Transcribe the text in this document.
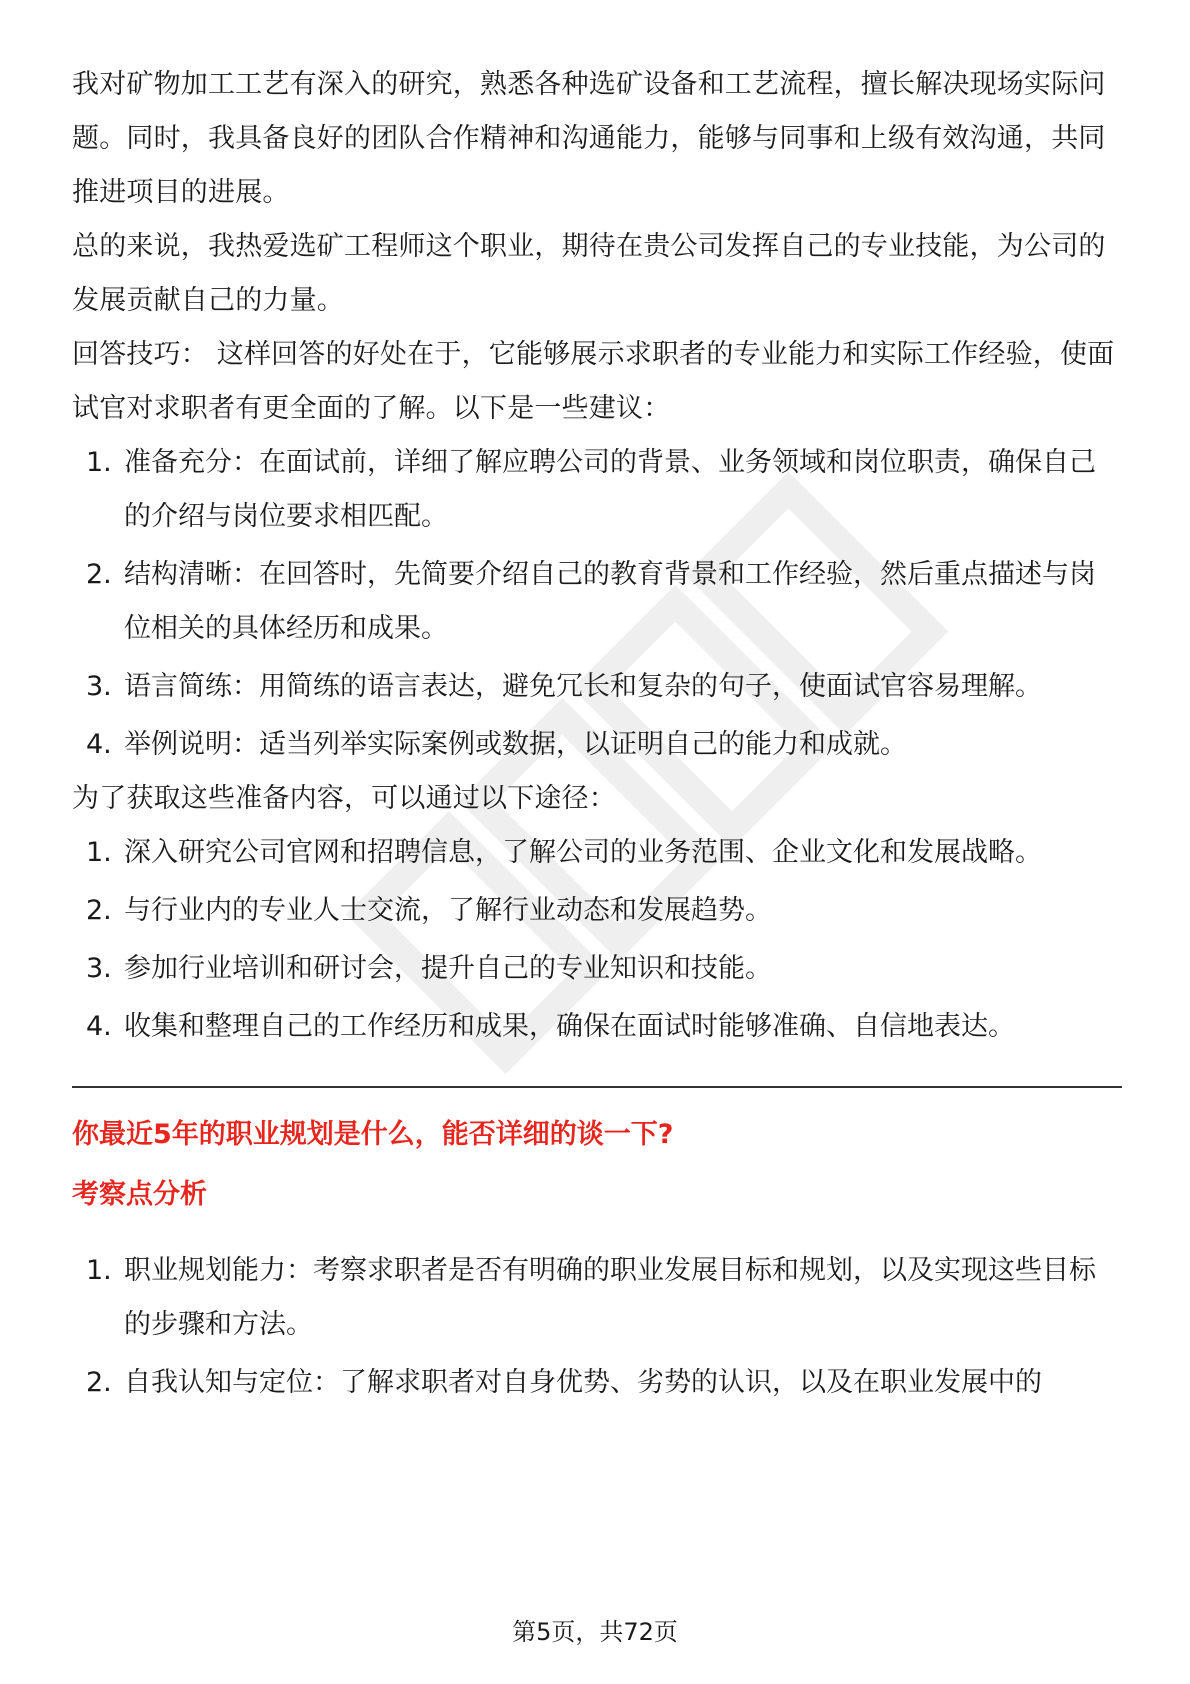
我对矿物加工工艺有深入的研究，熟悉各种选矿设备和工艺流程，擅长解决现场实际问题。同时，我具备良好的团队合作精神和沟通能力，能够与同事和上级有效沟通，共同推进项目的进展。

总的来说，我热爱选矿工程师这个职业，期待在贵公司发挥自己的专业技能，为公司的发展贡献自己的力量。

回答技巧： 这样回答的好处在于，它能够展示求职者的专业能力和实际工作经验，使面试官对求职者有更全面的了解。以下是一些建议：

1. 准备充分：在面试前，详细了解应聘公司的背景、业务领域和岗位职责，确保自己的介绍与岗位要求相匹配。
2. 结构清晰：在回答时，先简要介绍自己的教育背景和工作经验，然后重点描述与岗位相关的具体经历和成果。
3. 语言简练：用简练的语言表达，避免冗长和复杂的句子，使面试官容易理解。
4. 举例说明：适当列举实际案例或数据，以证明自己的能力和成就。

为了获取这些准备内容，可以通过以下途径：

1. 深入研究公司官网和招聘信息，了解公司的业务范围、企业文化和发展战略。
2. 与行业内的专业人士交流，了解行业动态和发展趋势。
3. 参加行业培训和研讨会，提升自己的专业知识和技能。
4. 收集和整理自己的工作经历和成果，确保在面试时能够准确、自信地表达。

你最近5年的职业规划是什么，能否详细的谈一下?

考察点分析

1. 职业规划能力：考察求职者是否有明确的职业发展目标和规划，以及实现这些目标的步骤和方法。
2. 自我认知与定位：了解求职者对自身优势、劣势的认识，以及在职业发展中的
第5页，共72页
